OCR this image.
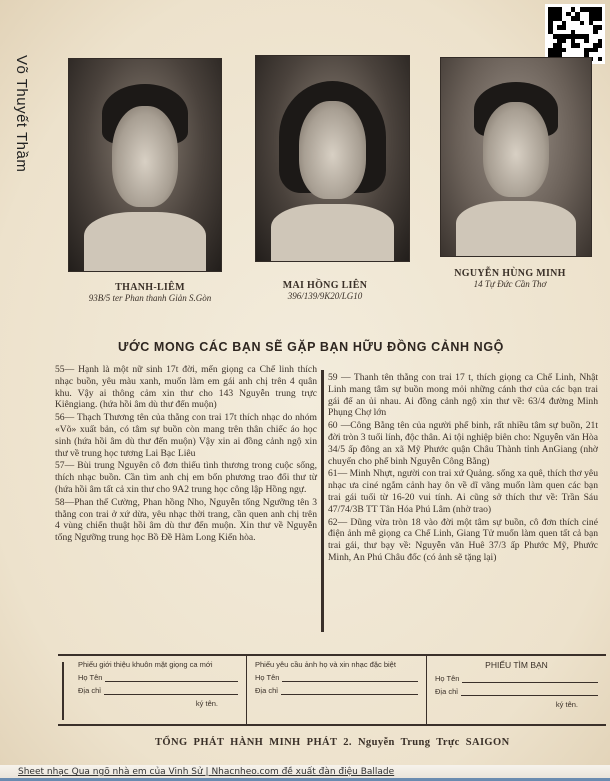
Võ Thuyết Thầm
THANH-LIÊM
93B/5 ter Phan thanh Giản S.Gòn
MAI HỒNG LIÊN
396/139/9K20/LG10
NGUYỄN HÙNG MINH
14 Tự Đức Cần Thơ
ƯỚC MONG CÁC BẠN SẼ GẶP BẠN HỮU ĐỒNG CẢNH NGỘ

55— Hạnh là một nữ sinh 17t đời, mến giọng ca Chế linh thích nhạc buồn, yêu màu xanh, muốn làm em gái anh chị trên 4 quân khu. Vậy ai thông cảm xin thư cho 143 Nguyễn trung trực Kiêngiang. (hứa hồi âm dù thư đến muộn)

56— Thạch Thương tên của thằng con trai 17t thích nhạc do nhóm «Võ» xuất bản, có tâm sự buồn còn mang trên thân chiếc áo học sinh (hứa hồi âm dù thư đến muộn) Vậy xin ai đồng cảnh ngộ xin thư về trung học tương Lai Bạc Liêu

57— Bùi trung Nguyên cô đơn thiếu tình thương trong cuộc sống, thích nhạc buồn. Cần tìm anh chị em bốn phương trao đổi thư từ (hứa hồi âm tất cả xin thư cho 9A2 trung học công lập Hồng ngự.

58—Phan thế Cường, Phan hồng Nho, Nguyễn tống Ngưỡng tên 3 thằng con trai ở xứ dừa, yêu nhạc thời trang, cần quen anh chị trên 4 vùng chiến thuật hồi âm dù thư đến muộn. Xin thư về Nguyễn tống Ngưỡng trung học Bồ Đề Hàm Long Kiến hòa.

59 — Thanh tên thằng con trai 17 t, thích giọng ca Chế Linh, Nhật Linh mang tâm sự buồn mong mỏi những cánh thơ của các bạn trai gái để an ủi nhau. Ai đồng cảnh ngộ xin thư về: 63/4 đường Minh Phụng Chợ lớn

60 —Công Bằng tên của người phế binh, rất nhiều tâm sự buồn, 21t đời tròn 3 tuổi lính, độc thân. Ai tội nghiệp biên cho: Nguyễn văn Hòa 34/5 ấp đông an xã Mỹ Phước quận Châu Thành tỉnh AnGiang (nhờ chuyển cho phế binh Nguyễn Công Bằng)

61— Minh Nhựt, người con trai xứ Quảng. sống xa quê, thích thơ yêu nhạc ưa ciné ngắm cảnh hay ôn về dĩ vãng muốn làm quen các bạn trai gái tuổi từ 16-20 vui tính. Ai cũng sở thích thư về: Trần Sáu 47/74/3B TT Tân Hóa Phú Lâm (nhờ trao)

62— Dũng vừa tròn 18 vào đời một tâm sự buồn, cô đơn thích ciné điện ảnh mê giọng ca Chế Linh, Giang Tử muốn làm quen tất cả bạn trai gái, thư bạy về: Nguyễn văn Huê 37/3 ấp Phước Mỹ, Phước Minh, An Phú Châu đốc (có ảnh sẽ tặng lại)

Phiếu giới thiệu khuôn mặt giọng ca mới
Họ Tên
Địa chỉ
ký tên.
Phiếu yêu cầu ảnh họ và xin nhạc đặc biệt
Họ Tên
Địa chỉ
PHIẾU TÌM BẠN
Họ Tên
Địa chỉ
ký tên.
TỔNG PHÁT HÀNH MINH PHÁT 2. Nguyễn Trung Trực SAIGON
Sheet nhạc Qua ngõ nhà em của Vinh Sử | Nhacnheo.com đề xuất đàn điệu Ballade
